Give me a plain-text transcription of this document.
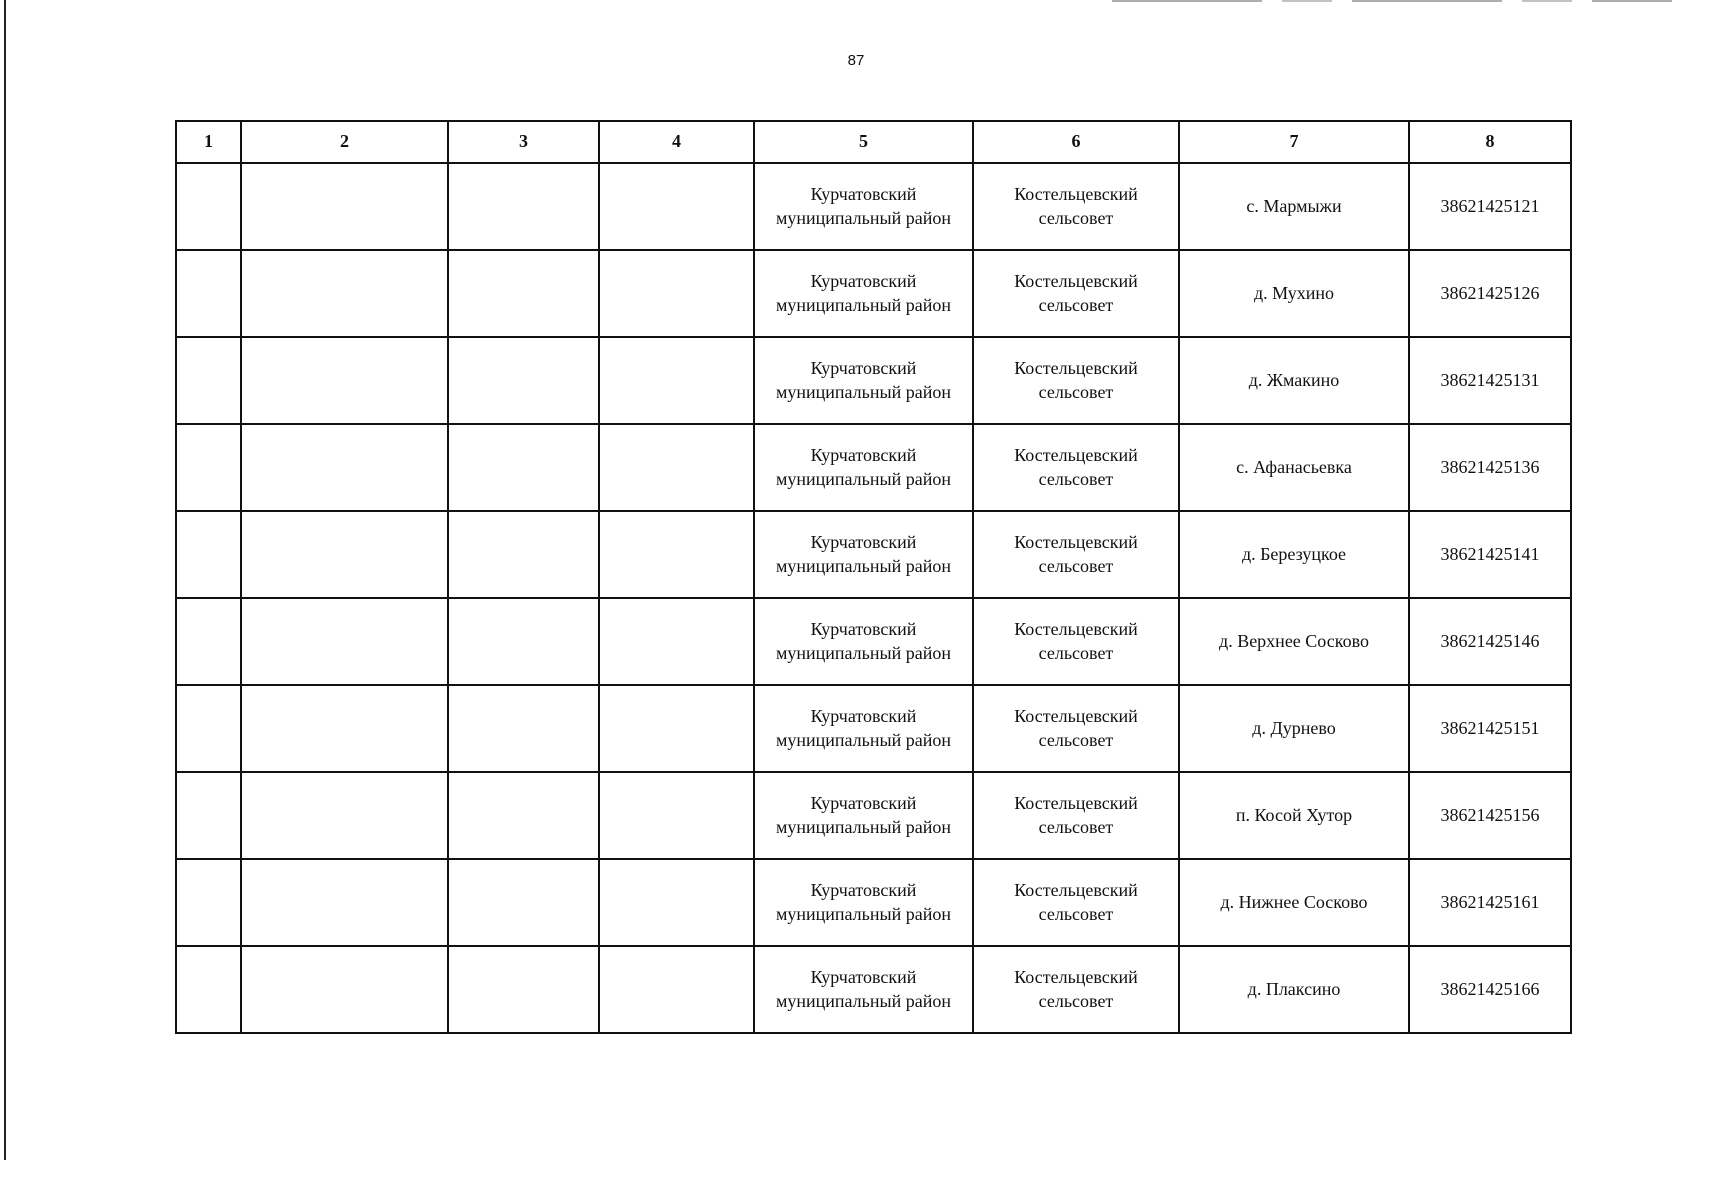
87
1	2	3	4	5	6	7	8
				Курчатовский муниципальный район	Костельцевский сельсовет	с. Мармыжи	38621425121
				Курчатовский муниципальный район	Костельцевский сельсовет	д. Мухино	38621425126
				Курчатовский муниципальный район	Костельцевский сельсовет	д. Жмакино	38621425131
				Курчатовский муниципальный район	Костельцевский сельсовет	с. Афанасьевка	38621425136
				Курчатовский муниципальный район	Костельцевский сельсовет	д. Березуцкое	38621425141
				Курчатовский муниципальный район	Костельцевский сельсовет	д. Верхнее Сосково	38621425146
				Курчатовский муниципальный район	Костельцевский сельсовет	д. Дурнево	38621425151
				Курчатовский муниципальный район	Костельцевский сельсовет	п. Косой Хутор	38621425156
				Курчатовский муниципальный район	Костельцевский сельсовет	д. Нижнее Сосково	38621425161
				Курчатовский муниципальный район	Костельцевский сельсовет	д. Плаксино	38621425166
